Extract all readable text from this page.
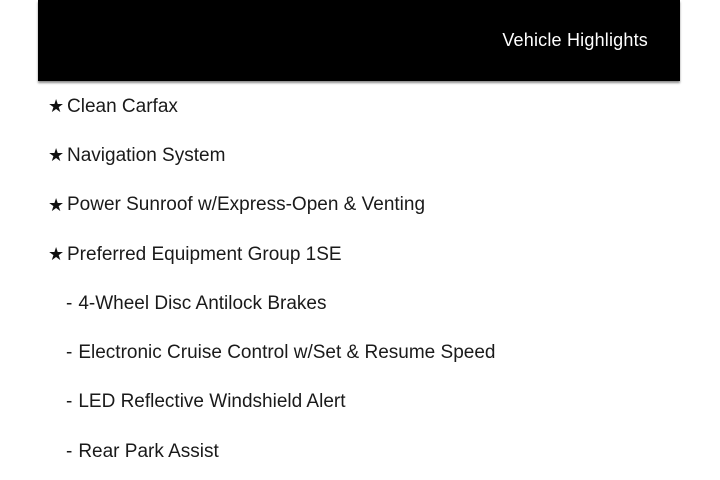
Vehicle Highlights
★ Clean Carfax
★ Navigation System
★ Power Sunroof w/Express-Open & Venting
★ Preferred Equipment Group 1SE
- 4-Wheel Disc Antilock Brakes
- Electronic Cruise Control w/Set & Resume Speed
- LED Reflective Windshield Alert
- Rear Park Assist
